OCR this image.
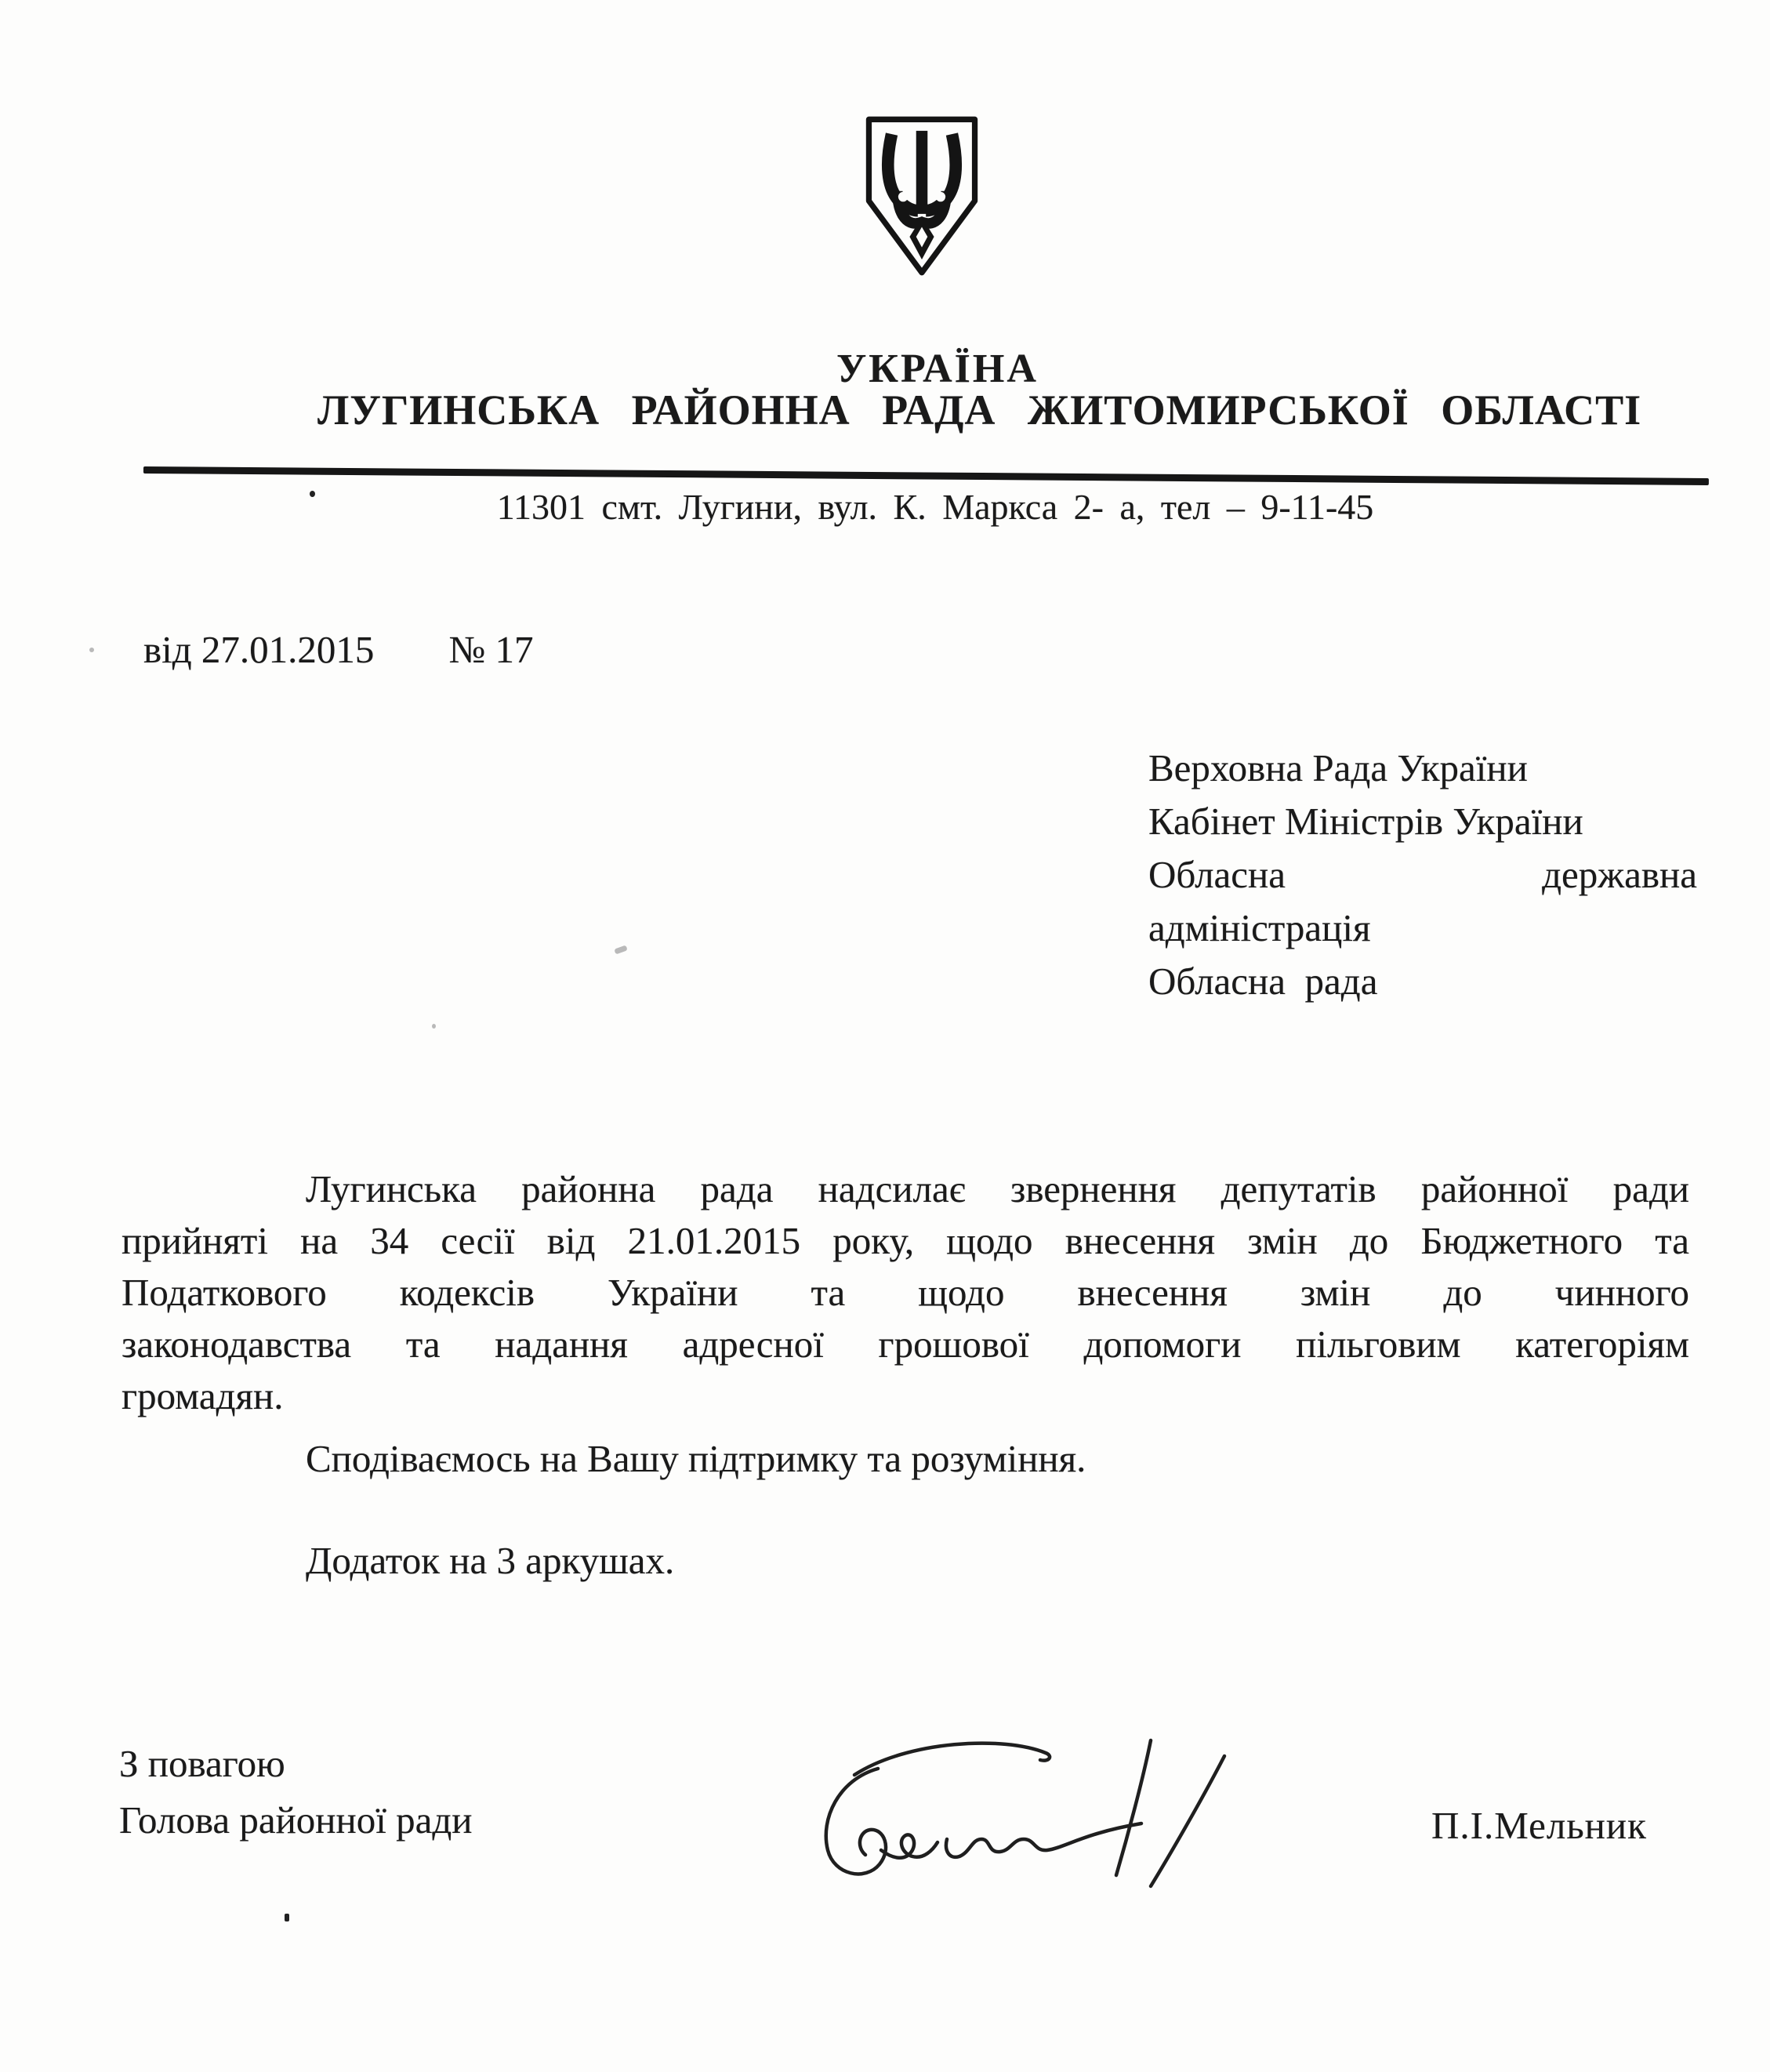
УКРАЇНА
ЛУГИНСЬКА РАЙОННА РАДА ЖИТОМИРСЬКОЇ ОБЛАСТІ
11301 смт. Лугини, вул. К. Маркса 2- а, тел – 9-11-45
від 27.01.2015 № 17
Верховна Рада України
Кабінет Міністрів України
Обласна	державна
адміністрація
Обласна  рада
Лугинська районна рада надсилає звернення депутатів районної ради
прийняті на 34 сесії від 21.01.2015 року, щодо внесення змін до Бюджетного та
Податкового кодексів України та щодо внесення змін до чинного
законодавства та надання адресної грошової допомоги пільговим категоріям
громадян.
Сподіваємось на Вашу підтримку та розуміння.
Додаток на 3 аркушах.
З повагою
Голова районної ради	П.І.Мельник
